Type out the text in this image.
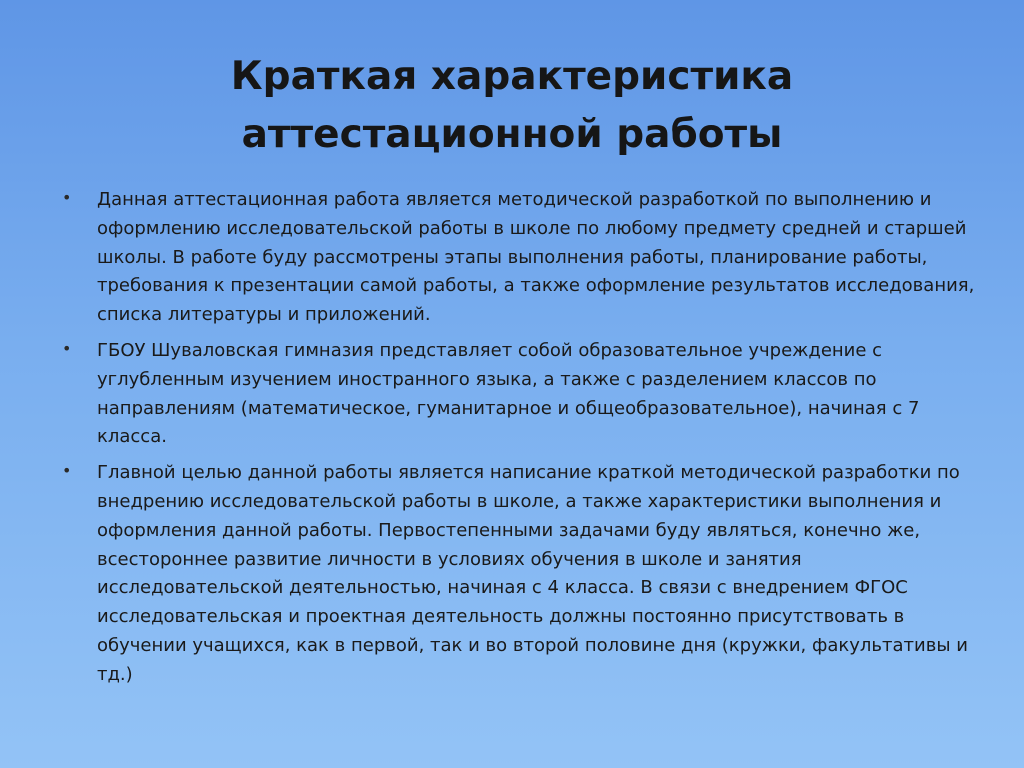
Краткая характеристика
аттестационной работы
• Данная аттестационная работа является методической разработкой по выполнению и оформлению исследовательской работы в школе по любому предмету средней и старшей школы. В работе буду рассмотрены этапы выполнения работы, планирование работы, требования к презентации самой работы, а также оформление результатов исследования, списка литературы и приложений.
• ГБОУ Шуваловская гимназия представляет собой образовательное учреждение с углубленным изучением иностранного языка, а также с разделением классов по направлениям (математическое, гуманитарное и общеобразовательное), начиная с 7 класса.
• Главной целью данной работы является написание краткой методической разработки по внедрению исследовательской работы в школе, а также характеристики выполнения и оформления данной работы. Первостепенными задачами буду являться, конечно же, всестороннее развитие личности в условиях обучения в школе и занятия исследовательской деятельностью, начиная с 4 класса. В связи с внедрением ФГОС исследовательская и проектная деятельность должны постоянно присутствовать в обучении учащихся, как в первой, так и во второй половине дня (кружки, факультативы и тд.)
